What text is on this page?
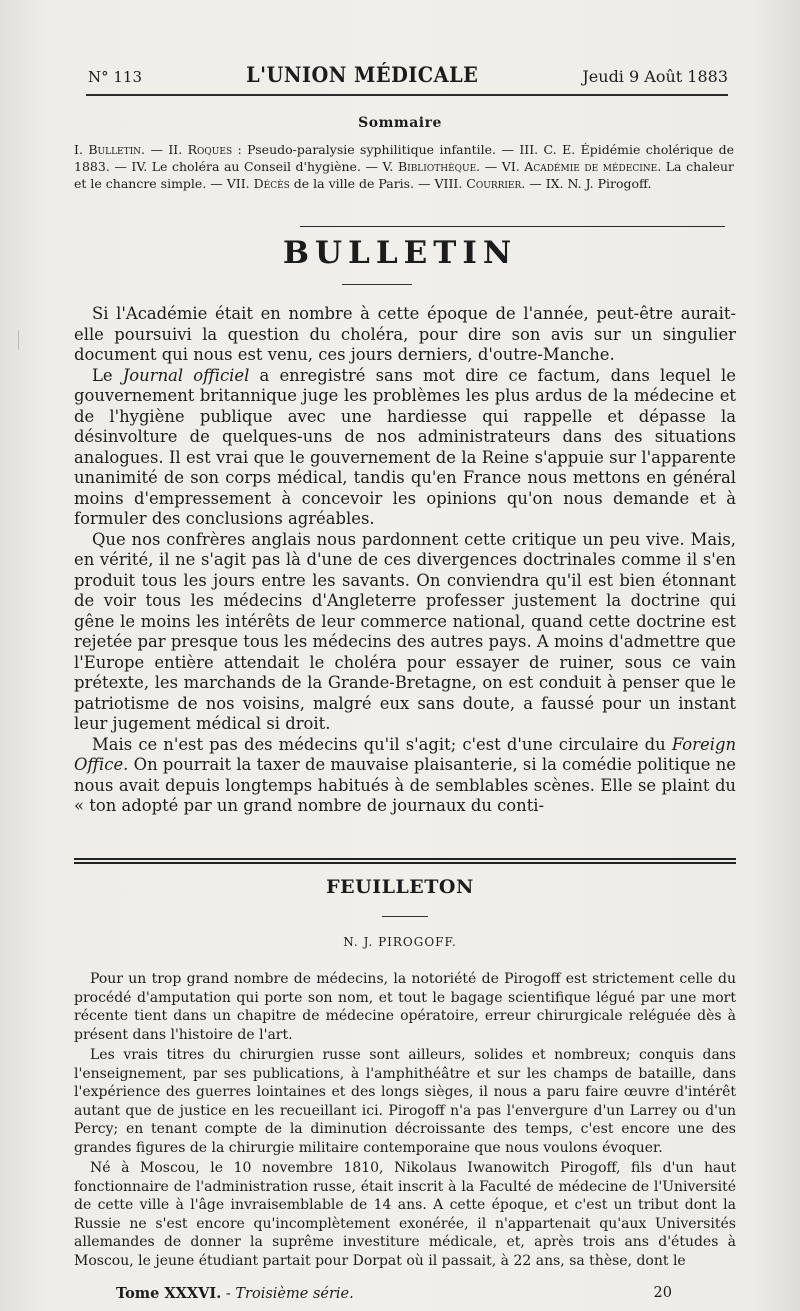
N° 113	L'UNION MÉDICALE	Jeudi 9 Août 1883
Sommaire
I. Bulletin. — II. Roques : Pseudo-paralysie syphilitique infantile. — III. C. E. Épidémie cholérique de 1883. — IV. Le choléra au Conseil d'hygiène. — V. Bibliothèque. — VI. Académie de médecine. La chaleur et le chancre simple. — VII. Décès de la ville de Paris. — VIII. Courrier. — IX. N. J. Pirogoff.
BULLETIN

Si l'Académie était en nombre à cette époque de l'année, peut-être aurait-elle poursuivi la question du choléra, pour dire son avis sur un singulier document qui nous est venu, ces jours derniers, d'outre-Manche.

Le Journal officiel a enregistré sans mot dire ce factum, dans lequel le gouvernement britannique juge les problèmes les plus ardus de la médecine et de l'hygiène publique avec une hardiesse qui rappelle et dépasse la désinvolture de quelques-uns de nos administrateurs dans des situations analogues. Il est vrai que le gouvernement de la Reine s'appuie sur l'apparente unanimité de son corps médical, tandis qu'en France nous mettons en général moins d'empressement à concevoir les opinions qu'on nous demande et à formuler des conclusions agréables.

Que nos confrères anglais nous pardonnent cette critique un peu vive. Mais, en vérité, il ne s'agit pas là d'une de ces divergences doctrinales comme il s'en produit tous les jours entre les savants. On conviendra qu'il est bien étonnant de voir tous les médecins d'Angleterre professer justement la doctrine qui gêne le moins les intérêts de leur commerce national, quand cette doctrine est rejetée par presque tous les médecins des autres pays. A moins d'admettre que l'Europe entière attendait le choléra pour essayer de ruiner, sous ce vain prétexte, les marchands de la Grande-Bretagne, on est conduit à penser que le patriotisme de nos voisins, malgré eux sans doute, a faussé pour un instant leur jugement médical si droit.

Mais ce n'est pas des médecins qu'il s'agit; c'est d'une circulaire du Foreign Office. On pourrait la taxer de mauvaise plaisanterie, si la comédie politique ne nous avait depuis longtemps habitués à de semblables scènes. Elle se plaint du « ton adopté par un grand nombre de journaux du conti-

FEUILLETON
N. J. PIROGOFF.

Pour un trop grand nombre de médecins, la notoriété de Pirogoff est strictement celle du procédé d'amputation qui porte son nom, et tout le bagage scientifique légué par une mort récente tient dans un chapitre de médecine opératoire, erreur chirurgicale reléguée dès à présent dans l'histoire de l'art.

Les vrais titres du chirurgien russe sont ailleurs, solides et nombreux; conquis dans l'enseignement, par ses publications, à l'amphithéâtre et sur les champs de bataille, dans l'expérience des guerres lointaines et des longs sièges, il nous a paru faire œuvre d'intérêt autant que de justice en les recueillant ici. Pirogoff n'a pas l'envergure d'un Larrey ou d'un Percy; en tenant compte de la diminution décroissante des temps, c'est encore une des grandes figures de la chirurgie militaire contemporaine que nous voulons évoquer.

Né à Moscou, le 10 novembre 1810, Nikolaus Iwanowitch Pirogoff, fils d'un haut fonctionnaire de l'administration russe, était inscrit à la Faculté de médecine de l'Université de cette ville à l'âge invraisemblable de 14 ans. A cette époque, et c'est un tribut dont la Russie ne s'est encore qu'incomplètement exonérée, il n'appartenait qu'aux Universités allemandes de donner la suprême investiture médicale, et, après trois ans d'études à Moscou, le jeune étudiant partait pour Dorpat où il passait, à 22 ans, sa thèse, dont le

Tome XXXVI. - Troisième série.	20
